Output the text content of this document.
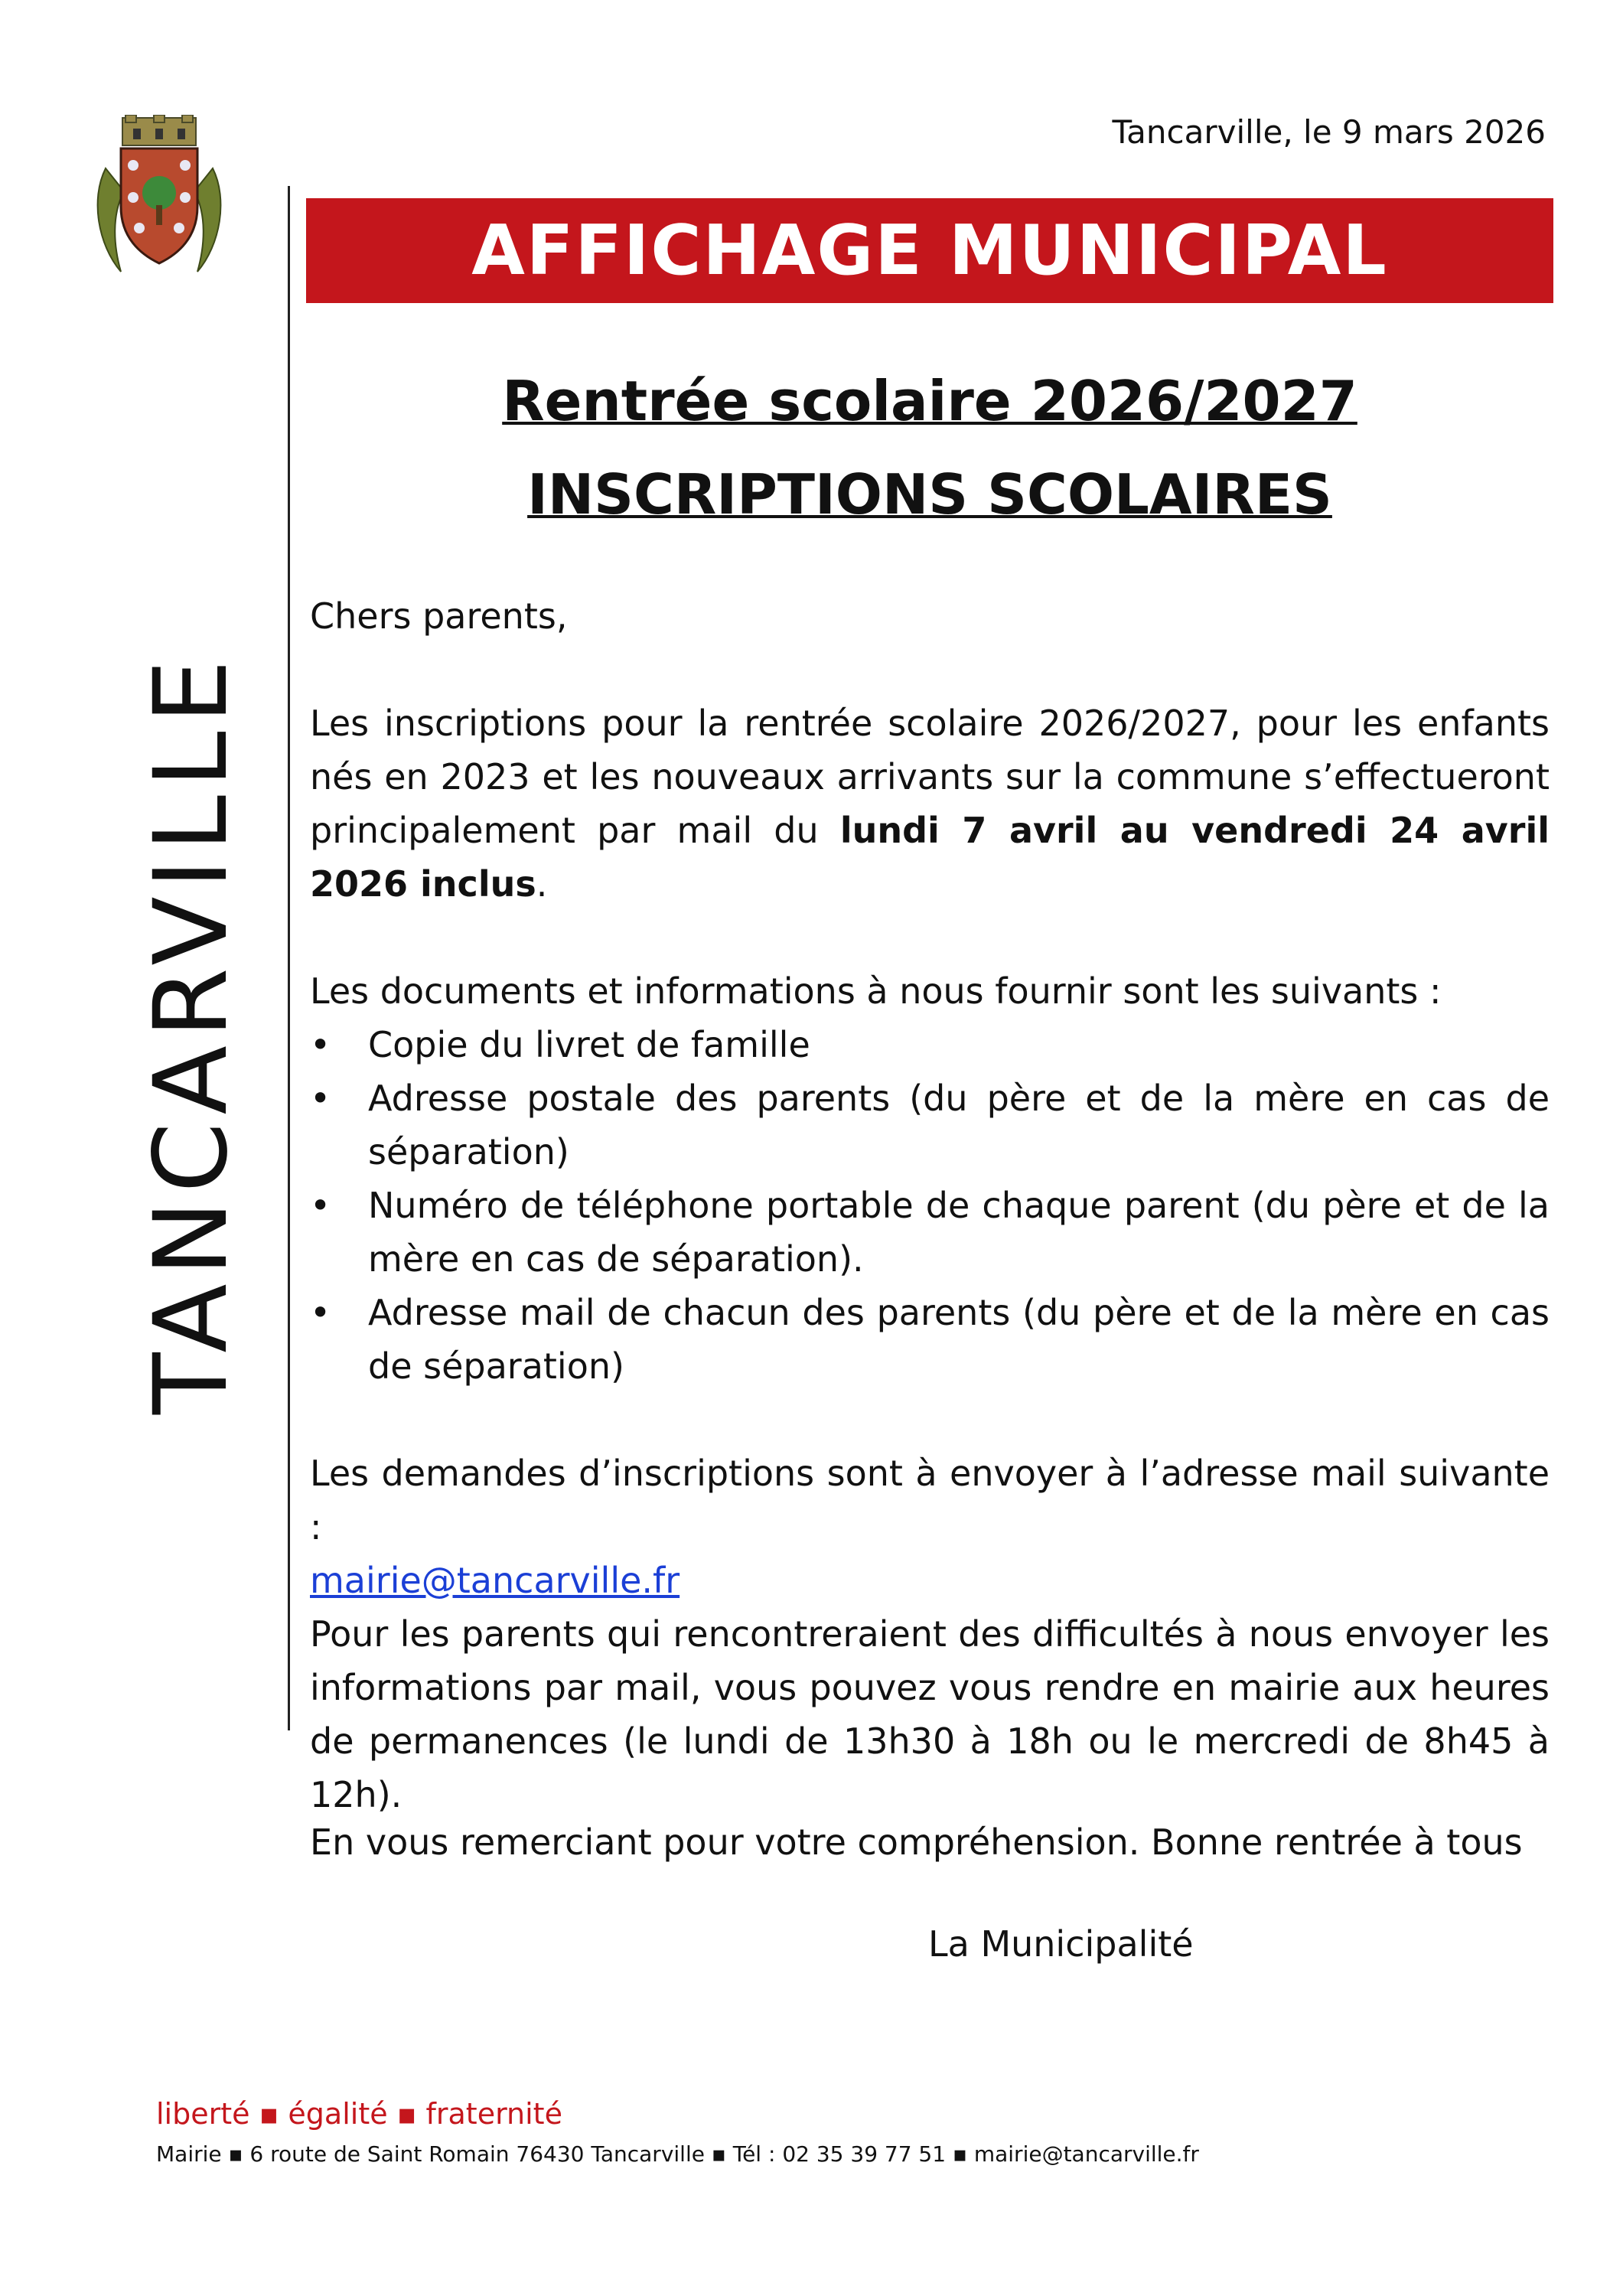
TANCARVILLE
Tancarville, le 9 mars 2026
AFFICHAGE MUNICIPAL
Rentrée scolaire 2026/2027
INSCRIPTIONS SCOLAIRES

Chers parents,

Les inscriptions pour la rentrée scolaire 2026/2027, pour les enfants nés en 2023 et les nouveaux arrivants sur la commune s’effectueront principalement par mail du lundi 7 avril au vendredi 24 avril 2026 inclus.

Les documents et informations à nous fournir sont les suivants :

•	Copie du livret de famille
•	Adresse postale des parents (du père et de la mère en cas de séparation)
•	Numéro de téléphone portable de chaque parent (du père et de la mère en cas de séparation).
•	Adresse mail de chacun des parents (du père et de la mère en cas de séparation)

Les demandes d’inscriptions sont à envoyer à l’adresse mail suivante :

mairie@tancarville.fr

Pour les parents qui rencontreraient des difficultés à nous envoyer les informations par mail, vous pouvez vous rendre en mairie aux heures de permanences (le lundi de 13h30 à 18h ou le mercredi de 8h45 à 12h).

En vous remerciant pour votre compréhension. Bonne rentrée à tous

La Municipalité
liberté ▪ égalité ▪ fraternité
Mairie ▪ 6 route de Saint Romain 76430 Tancarville ▪ Tél : 02 35 39 77 51 ▪ mairie@tancarville.fr
